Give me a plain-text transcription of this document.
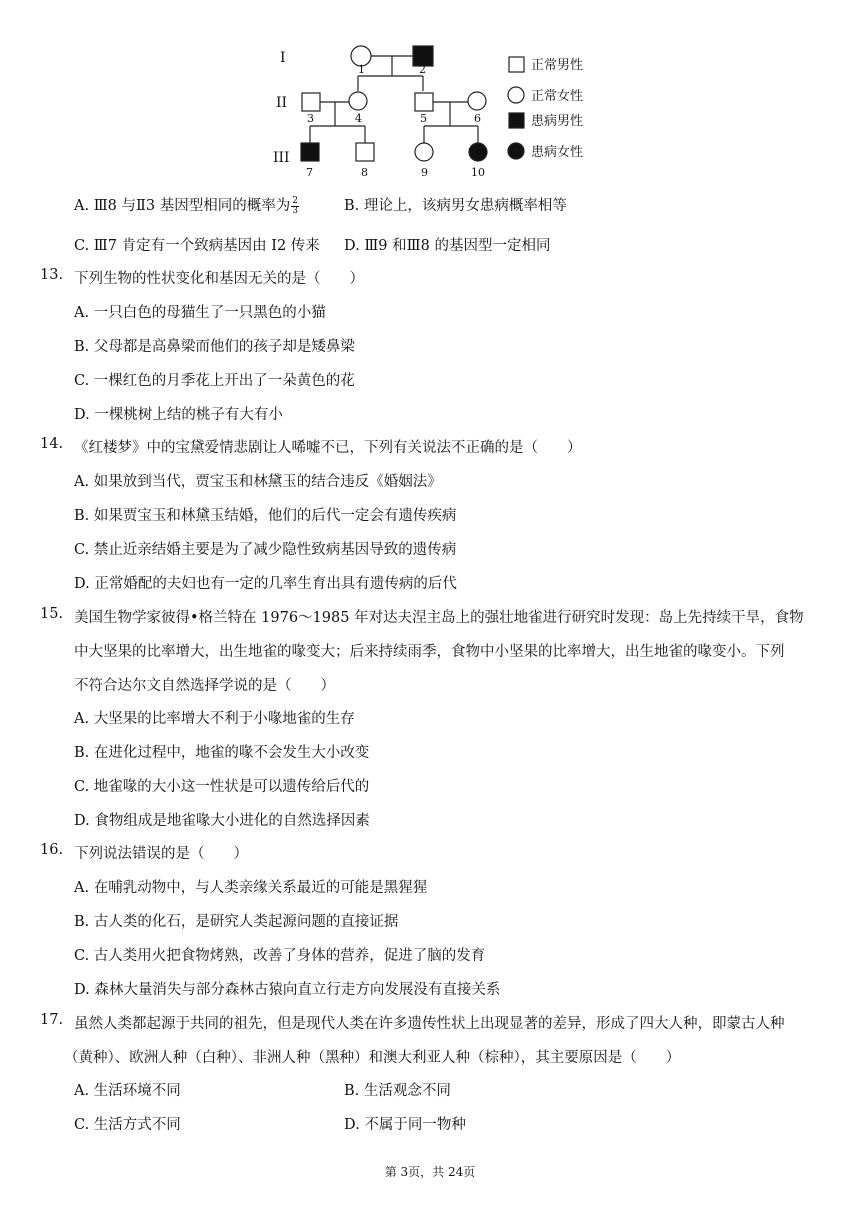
I
II
III
1	2
3	4	5	6
7	8	9	10
正常男性
正常女性
患病男性
患病女性
A. Ⅲ8 与Ⅱ3 基因型相同的概率为 $\frac{2}{3}$	B. 理论上，该病男女患病概率相等
C. Ⅲ7 肯定有一个致病基因由 I2 传来 D. Ⅲ9 和Ⅲ8 的基因型一定相同
13. 下列生物的性状变化和基因无关的是（　　）
A. 一只白色的母猫生了一只黑色的小猫
B. 父母都是高鼻梁而他们的孩子却是矮鼻梁
C. 一棵红色的月季花上开出了一朵黄色的花
D. 一棵桃树上结的桃子有大有小
14. 《红楼梦》中的宝黛爱情悲剧让人唏嘘不已，下列有关说法不正确的是（　　）
A. 如果放到当代，贾宝玉和林黛玉的结合违反《婚姻法》
B. 如果贾宝玉和林黛玉结婚，他们的后代一定会有遗传疾病
C. 禁止近亲结婚主要是为了减少隐性致病基因导致的遗传病
D. 正常婚配的夫妇也有一定的几率生育出具有遗传病的后代
15. 美国生物学家彼得•格兰特在 1976～1985 年对达夫涅主岛上的强壮地雀进行研究时发现：岛上先持续干旱，食物
中大坚果的比率增大，出生地雀的喙变大；后来持续雨季，食物中小坚果的比率增大，出生地雀的喙变小。下列
不符合达尔文自然选择学说的是（　　）
A. 大坚果的比率增大不利于小喙地雀的生存
B. 在进化过程中，地雀的喙不会发生大小改变
C. 地雀喙的大小这一性状是可以遗传给后代的
D. 食物组成是地雀喙大小进化的自然选择因素
16. 下列说法错误的是（　　）
A. 在哺乳动物中，与人类亲缘关系最近的可能是黑猩猩
B. 古人类的化石，是研究人类起源问题的直接证据
C. 古人类用火把食物烤熟，改善了身体的营养，促进了脑的发育
D. 森林大量消失与部分森林古猿向直立行走方向发展没有直接关系
17. 虽然人类都起源于共同的祖先，但是现代人类在许多遗传性状上出现显著的差异，形成了四大人种，即蒙古人种
（黄种）、欧洲人种（白种）、非洲人种（黑种）和澳大利亚人种（棕种），其主要原因是（　　）
A. 生活环境不同	B. 生活观念不同
C. 生活方式不同	D. 不属于同一物种
第 3页，共 24页
